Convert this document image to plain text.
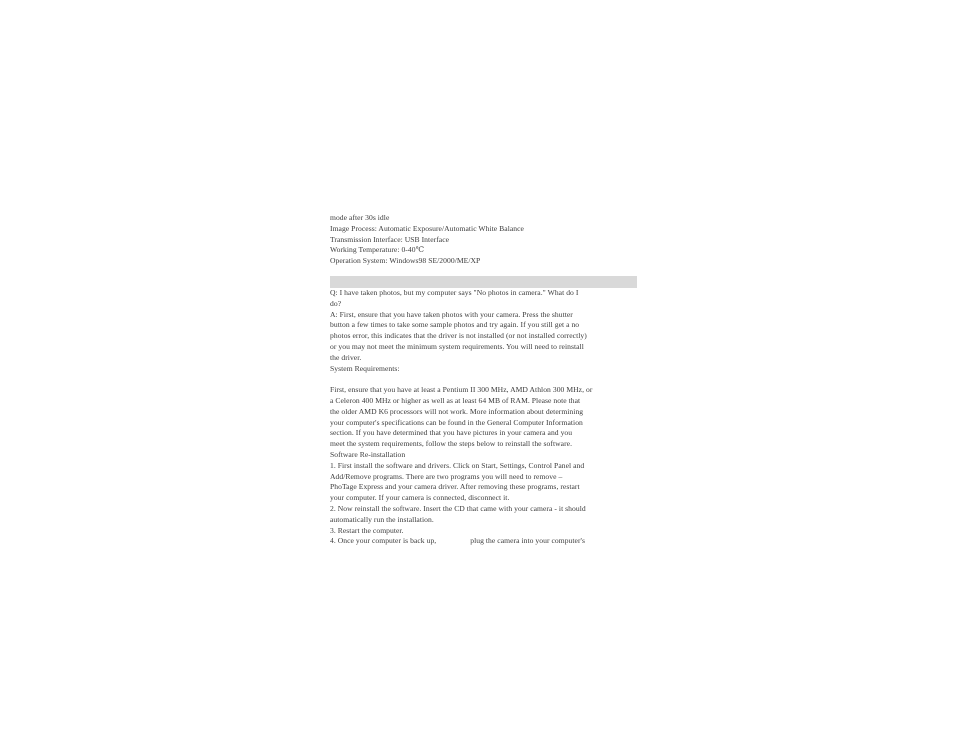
mode after 30s idle
Image Process: Automatic Exposure/Automatic White Balance
Transmission Interface: USB Interface
Working Temperature: 0-40℃
Operation System: Windows98 SE/2000/ME/XP
Q: I have taken photos, but my computer says "No photos in camera." What do I
do?
A: First, ensure that you have taken photos with your camera. Press the shutter
button a few times to take some sample photos and try again. If you still get a no
photos error, this indicates that the driver is not installed (or not installed correctly)
or you may not meet the minimum system requirements. You will need to reinstall
the driver.
System Requirements:
First, ensure that you have at least a Pentium II 300 MHz, AMD Athlon 300 MHz, or
a Celeron 400 MHz or higher as well as at least 64 MB of RAM. Please note that
the older AMD K6 processors will not work. More information about determining
your computer's specifications can be found in the General Computer Information
section. If you have determined that you have pictures in your camera and you
meet the system requirements, follow the steps below to reinstall the software.
Software Re-installation
1. First install the software and drivers. Click on Start, Settings, Control Panel and
Add/Remove programs. There are two programs you will need to remove –
PhoTage Express and your camera driver. After removing these programs, restart
your computer. If your camera is connected, disconnect it.
2. Now reinstall the software. Insert the CD that came with your camera - it should
automatically run the installation.
3. Restart the computer.
4. Once your computer is back up,	plug the camera into your computer's
